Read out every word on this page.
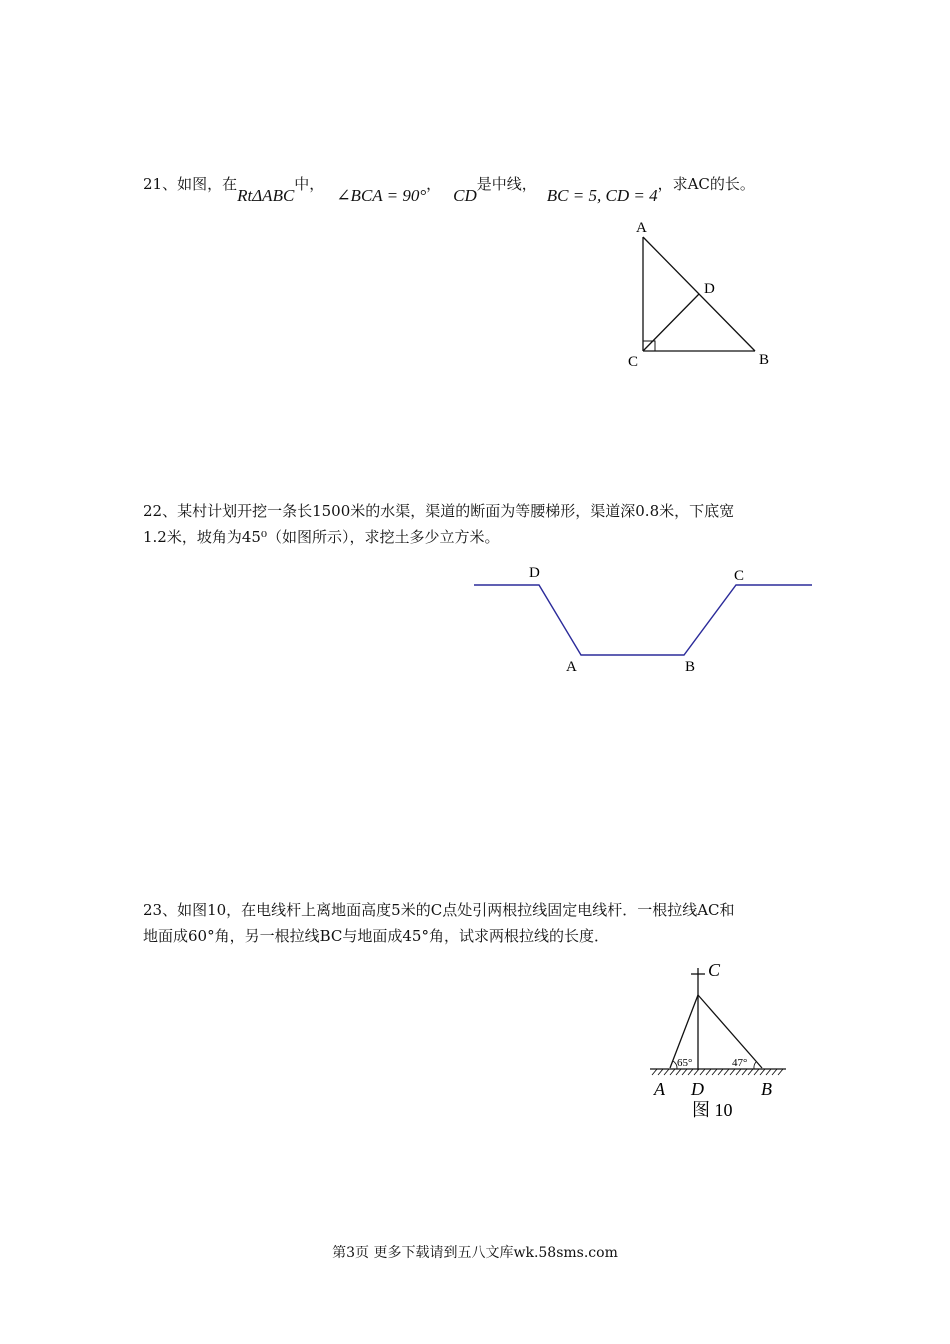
21、如图，在RtΔABC中，∠BCA = 90°，CD是中线，BC = 5, CD = 4，求AC的长。
A
D
C	B
22、某村计划开挖一条长1500米的水渠，渠道的断面为等腰梯形，渠道深0.8米，下底宽
1.2米，坡角为45⁰（如图所示），求挖土多少立方米。
D	C
A	B
23、如图10，在电线杆上离地面高度5米的C点处引两根拉线固定电线杆．一根拉线AC和
地面成60°角，另一根拉线BC与地面成45°角，试求两根拉线的长度．
65°	47°
C
A D	B
图 10
第3页 更多下载请到五八文库wk.58sms.com
